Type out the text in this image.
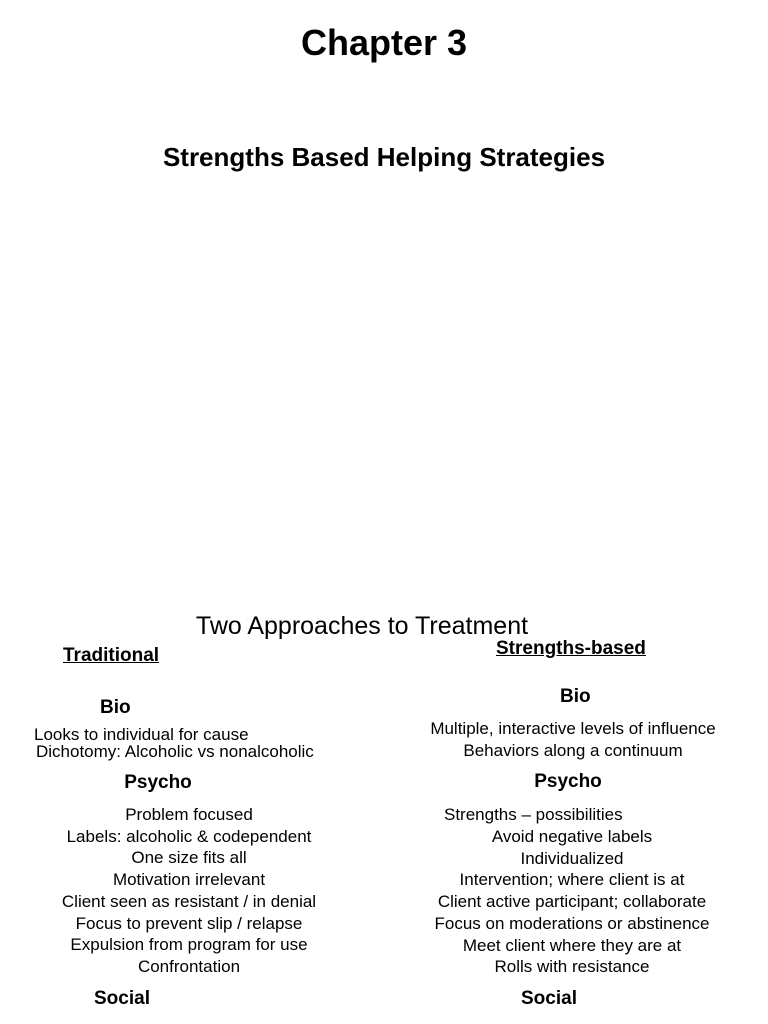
Chapter 3
Strengths Based Helping Strategies
Two Approaches to Treatment
Traditional
Bio
Looks to individual for cause
Dichotomy: Alcoholic vs nonalcoholic
Psycho
Problem focused
Labels: alcoholic & codependent
One size fits all
Motivation irrelevant
Client seen as resistant / in denial
Focus to prevent slip / relapse
Expulsion from program for use
Confrontation
Social
Strengths-based
Bio
Multiple, interactive levels of influence
Behaviors along a continuum
Psycho
Strengths – possibilities
Avoid negative labels
Individualized
Intervention; where client is at
Client active participant; collaborate
Focus on moderations or abstinence
Meet client where they are at
Rolls with resistance
Social
